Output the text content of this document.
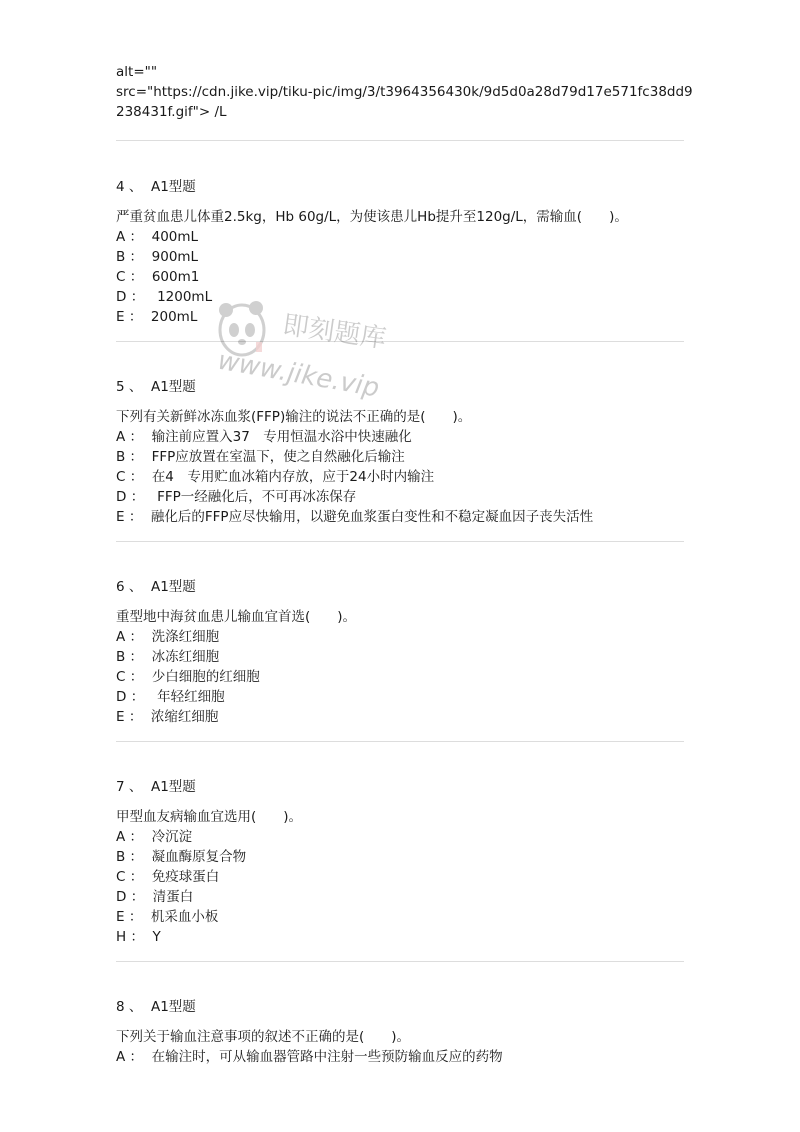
alt=""
src="https://cdn.jike.vip/tiku-pic/img/3/t3964356430k/9d5d0a28d79d17e571fc38dd9
238431f.gif"> /L
4 、  A1型题
严重贫血患儿体重2.5kg，Hb 60g/L，为使该患儿Hb提升至120g/L，需输血(　　)。
A ：  400mL
B ：  900mL
C ：  600m1
D ：   1200mL
E ：  200mL
5 、  A1型题
下列有关新鲜冰冻血浆(FFP)输注的说法不正确的是(　　)。
A ：  输注前应置入37　专用恒温水浴中快速融化
B ：  FFP应放置在室温下，使之自然融化后输注
C ：  在4　专用贮血冰箱内存放，应于24小时内输注
D ：   FFP一经融化后，不可再冰冻保存
E ：  融化后的FFP应尽快输用，以避免血浆蛋白变性和不稳定凝血因子丧失活性
6 、  A1型题
重型地中海贫血患儿输血宜首选(　　)。
A ：  洗涤红细胞
B ：  冰冻红细胞
C ：  少白细胞的红细胞
D ：   年轻红细胞
E ：  浓缩红细胞
7 、  A1型题
甲型血友病输血宜选用(　　)。
A ：  冷沉淀
B ：  凝血酶原复合物
C ：  免疫球蛋白
D ：  清蛋白
E ：  机采血小板
H ：  Y
8 、  A1型题
下列关于输血注意事项的叙述不正确的是(　　)。
A ：  在输注时，可从输血器管路中注射一些预防输血反应的药物
即刻题库
www.jike.vip
